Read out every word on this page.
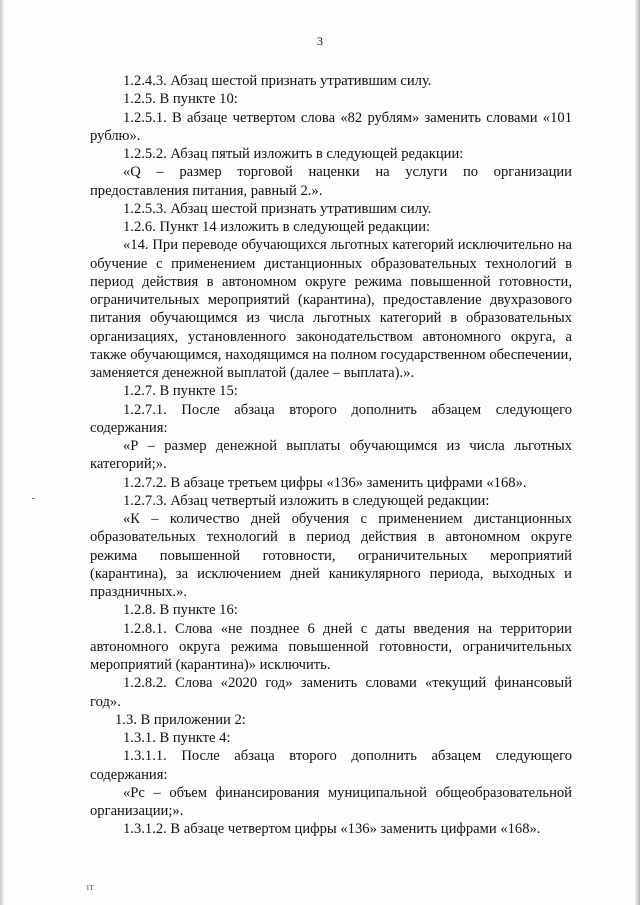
3

1.2.4.3. Абзац шестой признать утратившим силу.

1.2.5. В пункте 10:

1.2.5.1. В абзаце четвертом слова «82 рублям» заменить словами «101 рублю».

1.2.5.2. Абзац пятый изложить в следующей редакции:

«Q – размер торговой наценки на услуги по организации предоставления питания, равный 2.».

1.2.5.3. Абзац шестой признать утратившим силу.

1.2.6. Пункт 14 изложить в следующей редакции:

«14. При переводе обучающихся льготных категорий исключительно на обучение с применением дистанционных образовательных технологий в период действия в автономном округе режима повышенной готовности, ограничительных мероприятий (карантина), предоставление двухразового питания обучающимся из числа льготных категорий в образовательных организациях, установленного законодательством автономного округа, а также обучающимся, находящимся на полном государственном обеспечении, заменяется денежной выплатой (далее – выплата).».

1.2.7. В пункте 15:

1.2.7.1. После абзаца второго дополнить абзацем следующего содержания:

«Р – размер денежной выплаты обучающимся из числа льготных категорий;».

1.2.7.2. В абзаце третьем цифры «136» заменить цифрами «168».

1.2.7.3. Абзац четвертый изложить в следующей редакции:

«К – количество дней обучения с применением дистанционных образовательных технологий в период действия в автономном округе режима повышенной готовности, ограничительных мероприятий (карантина), за исключением дней каникулярного периода, выходных и праздничных.».

1.2.8. В пункте 16:

1.2.8.1. Слова «не позднее 6 дней с даты введения на территории автономного округа режима повышенной готовности, ограничительных мероприятий (карантина)» исключить.

1.2.8.2. Слова «2020 год» заменить словами «текущий финансовый год».

1.3. В приложении 2:

1.3.1. В пункте 4:

1.3.1.1. После абзаца второго дополнить абзацем следующего содержания:

«Рс – объем финансирования муниципальной общеобразовательной организации;».

1.3.1.2. В абзаце четвертом цифры «136» заменить цифрами «168».

1Т
